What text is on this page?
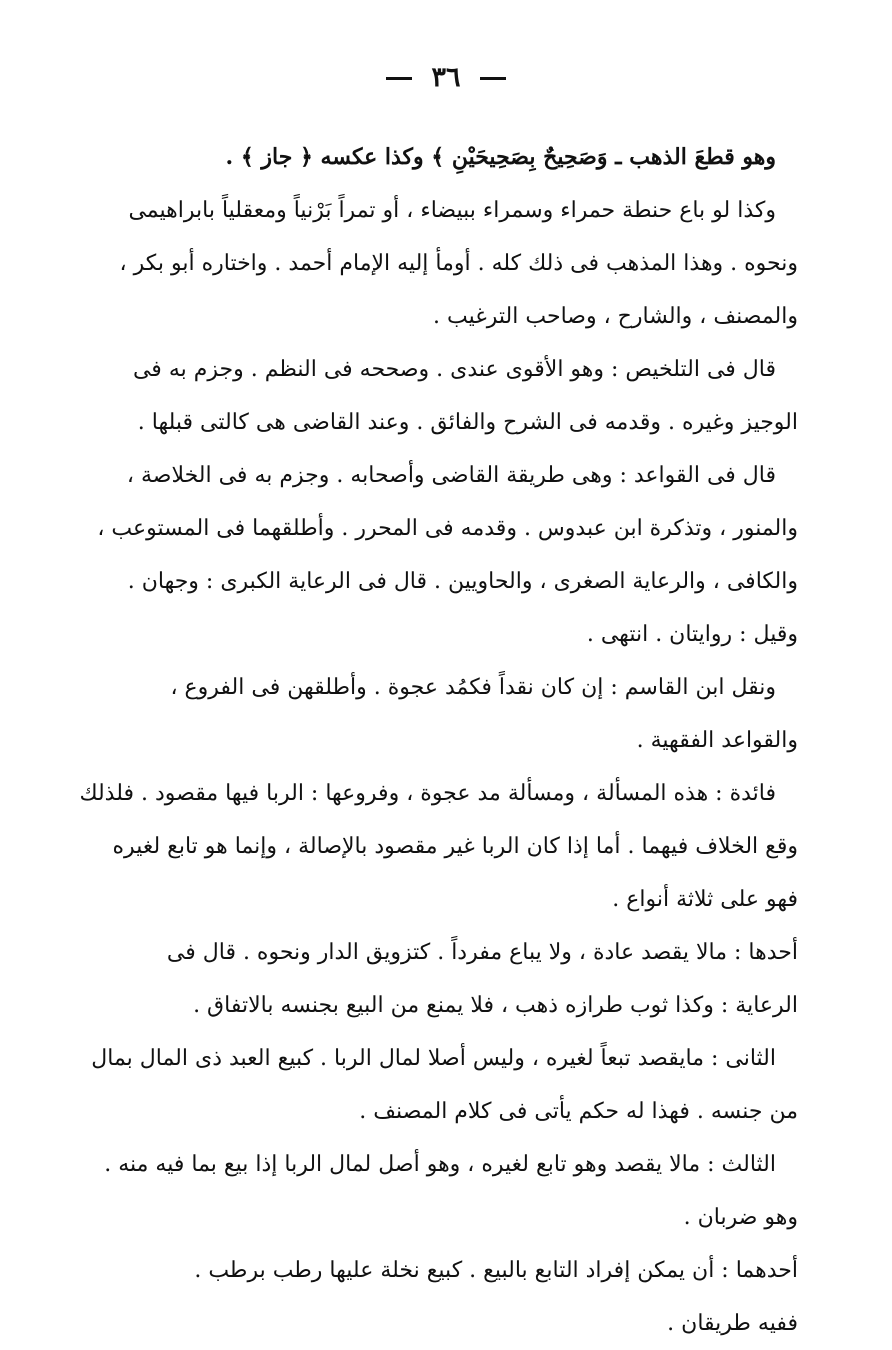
٣٦
وهو قطعَ الذهب ـ وَصَحِيحٌ بِصَحِيحَيْنِ ﴾ وكذا عكسه ﴿ جاز ﴾ .
وكذا لو باع حنطة حمراء وسمراء ببيضاء ، أو تمراً بَرْنياً ومعقلياً بابراهيمى
ونحوه . وهذا المذهب فى ذلك كله . أومأ إليه الإمام أحمد . واختاره أبو بكر ،
والمصنف ، والشارح ، وصاحب الترغيب .
قال فى التلخيص : وهو الأقوى عندى . وصححه فى النظم . وجزم به فى
الوجيز وغيره . وقدمه فى الشرح والفائق . وعند القاضى هى كالتى قبلها .
قال فى القواعد : وهى طريقة القاضى وأصحابه . وجزم به فى الخلاصة ،
والمنور ، وتذكرة ابن عبدوس . وقدمه فى المحرر . وأطلقهما فى المستوعب ،
والكافى ، والرعاية الصغرى ، والحاويين . قال فى الرعاية الكبرى : وجهان .
وقيل : روايتان . انتهى .
ونقل ابن القاسم : إن كان نقداً فكمُد عجوة . وأطلقهن فى الفروع ،
والقواعد الفقهية .
فائدة : هذه المسألة ، ومسألة مد عجوة ، وفروعها : الربا فيها مقصود . فلذلك
وقع الخلاف فيهما . أما إذا كان الربا غير مقصود بالإصالة ، وإنما هو تابع لغيره
فهو على ثلاثة أنواع .
أحدها : مالا يقصد عادة ، ولا يباع مفرداً . كتزويق الدار ونحوه . قال فى
الرعاية : وكذا ثوب طرازه ذهب ، فلا يمنع من البيع بجنسه بالاتفاق .
الثانى : مايقصد تبعاً لغيره ، وليس أصلا لمال الربا . كبيع العبد ذى المال بمال
من جنسه . فهذا له حكم يأتى فى كلام المصنف .
الثالث : مالا يقصد وهو تابع لغيره ، وهو أصل لمال الربا إذا بيع بما فيه منه .
وهو ضربان .
أحدهما : أن يمكن إفراد التابع بالبيع . كبيع نخلة عليها رطب برطب .
ففيه طريقان .
